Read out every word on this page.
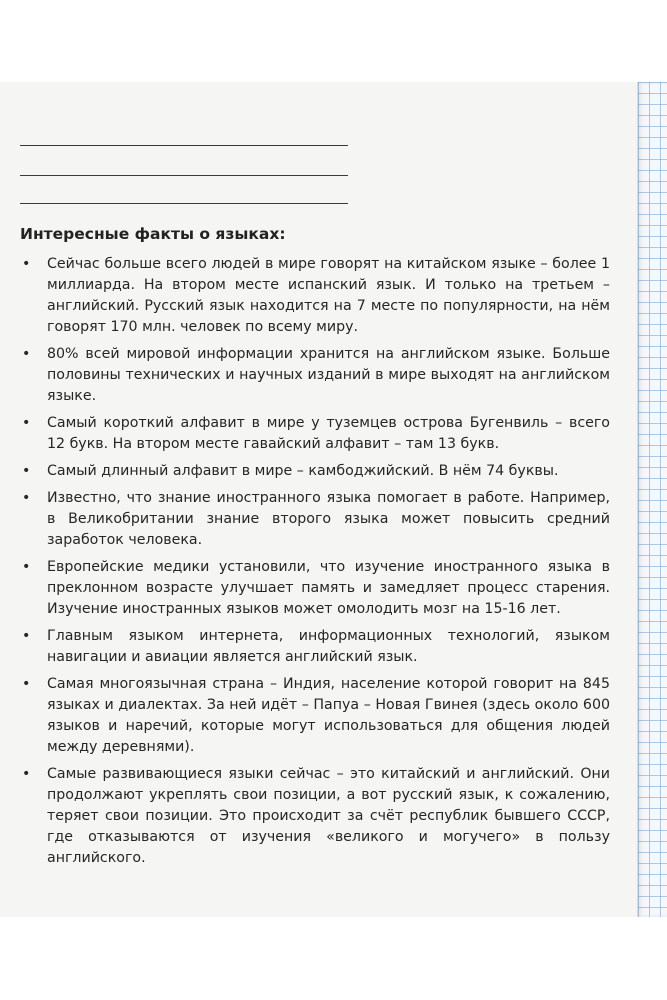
Интересные факты о языках:
• Сейчас больше всего людей в мире говорят на китайском языке – более 1 миллиарда. На втором месте испанский язык. И только на третьем – английский. Русский язык находится на 7 месте по популярности, на нём говорят 170 млн. человек по всему миру.
• 80% всей мировой информации хранится на английском языке. Больше половины технических и научных изданий в мире выходят на английском языке.
• Самый короткий алфавит в мире у туземцев острова Бугенвиль – всего 12 букв. На втором месте гавайский алфавит – там 13 букв.
• Самый длинный алфавит в мире – камбоджийский. В нём 74 буквы.
• Известно, что знание иностранного языка помогает в работе. Например, в Великобритании знание второго языка может повысить средний заработок человека.
• Европейские медики установили, что изучение иностранного языка в преклонном возрасте улучшает память и замедляет процесс старения. Изучение иностранных языков может омолодить мозг на 15-16 лет.
• Главным языком интернета, информационных технологий, языком навигации и авиации является английский язык.
• Самая многоязычная страна – Индия, население которой говорит на 845 языках и диалектах. За ней идёт – Папуа – Новая Гвинея (здесь около 600 языков и наречий, которые могут использоваться для общения людей между деревнями).
• Самые развивающиеся языки сейчас – это китайский и английский. Они продолжают укреплять свои позиции, а вот русский язык, к сожалению, теряет свои позиции. Это происходит за счёт республик бывшего СССР, где отказываются от изучения «великого и могучего» в пользу английского.
